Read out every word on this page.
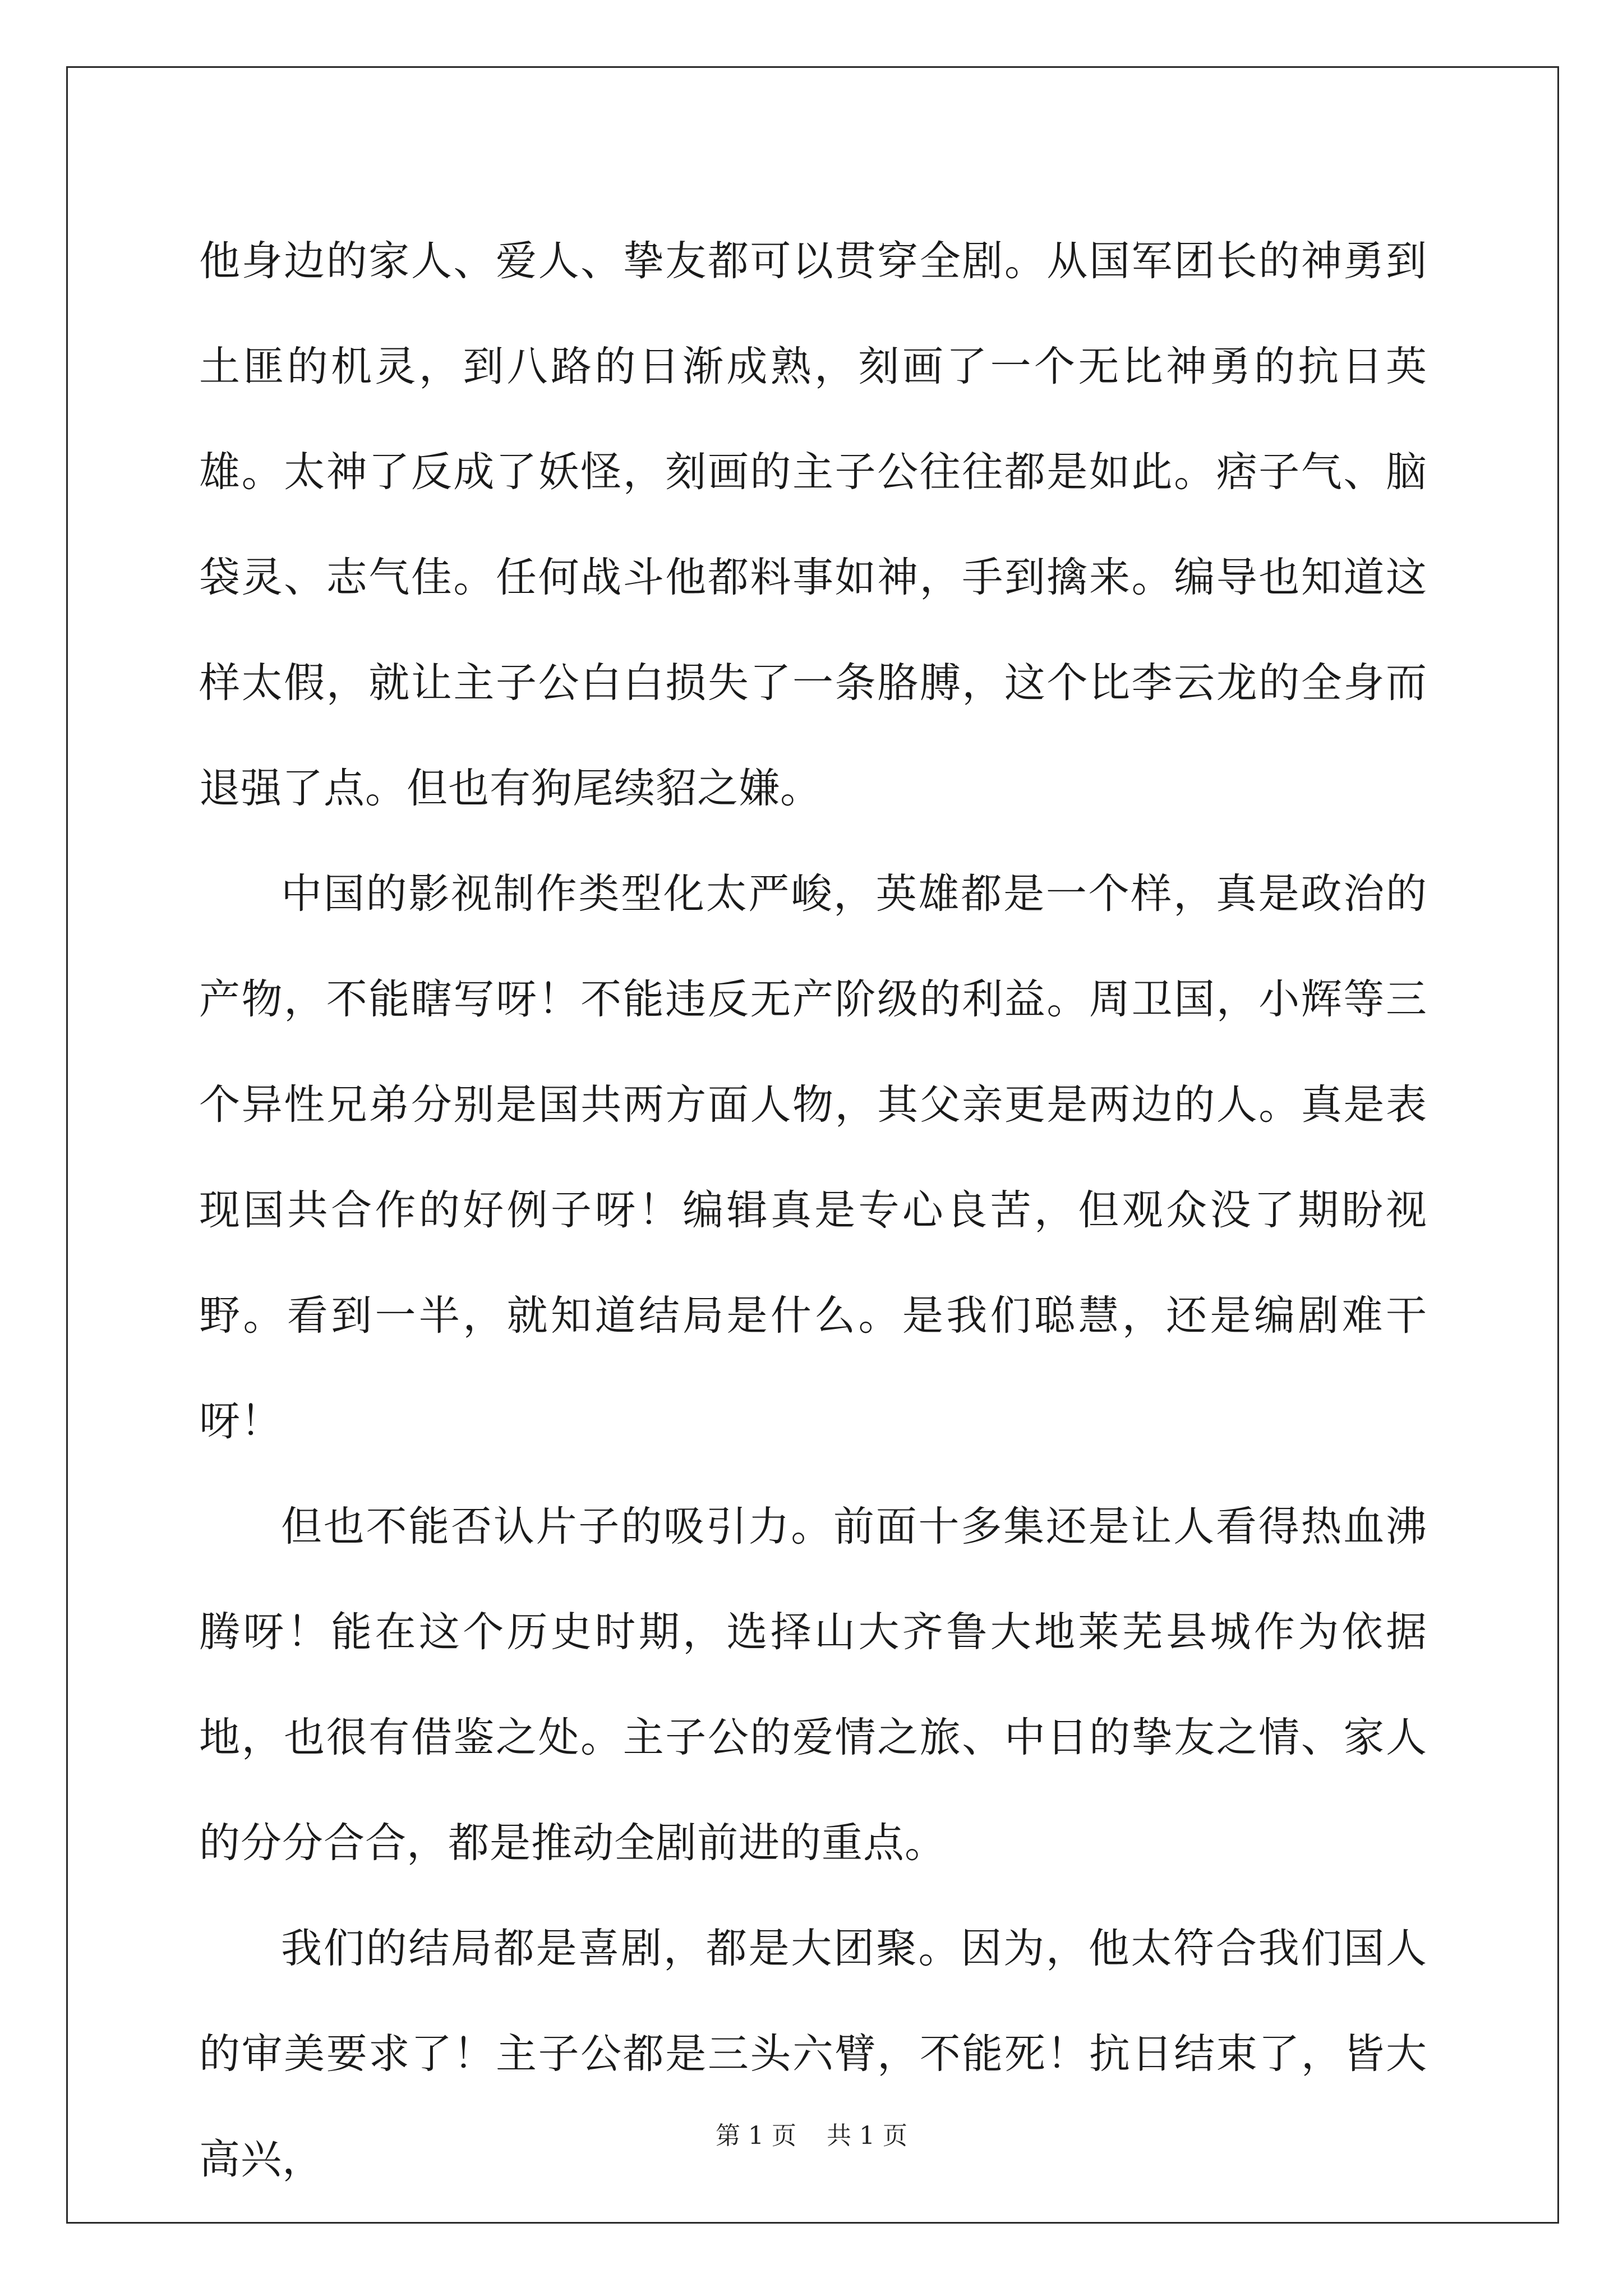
他身边的家人、爱人、挚友都可以贯穿全剧。从国军团长的神勇到土匪的机灵，到八路的日渐成熟，刻画了一个无比神勇的抗日英雄。太神了反成了妖怪，刻画的主子公往往都是如此。痞子气、脑袋灵、志气佳。任何战斗他都料事如神，手到擒来。编导也知道这样太假，就让主子公白白损失了一条胳膊，这个比李云龙的全身而退强了点。但也有狗尾续貂之嫌。

中国的影视制作类型化太严峻，英雄都是一个样，真是政治的产物，不能瞎写呀！不能违反无产阶级的利益。周卫国，小辉等三个异性兄弟分别是国共两方面人物，其父亲更是两边的人。真是表现国共合作的好例子呀！编辑真是专心良苦，但观众没了期盼视野。看到一半，就知道结局是什么。是我们聪慧，还是编剧难干呀！

但也不能否认片子的吸引力。前面十多集还是让人看得热血沸腾呀！能在这个历史时期，选择山大齐鲁大地莱芜县城作为依据地，也很有借鉴之处。主子公的爱情之旅、中日的挚友之情、家人的分分合合，都是推动全剧前进的重点。

我们的结局都是喜剧，都是大团聚。因为，他太符合我们国人的审美要求了！主子公都是三头六臂，不能死！抗日结束了，皆大高兴，	第 1 页 共 1 页
